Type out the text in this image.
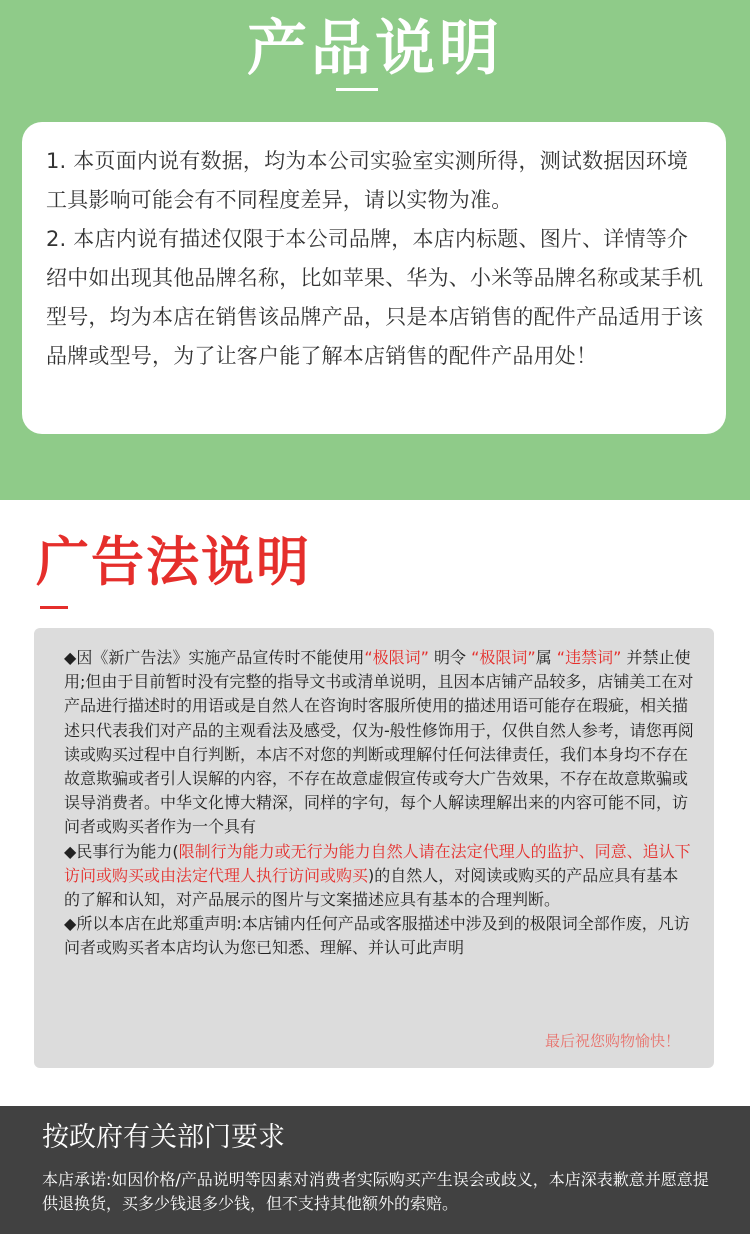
产品说明

1. 本页面内说有数据，均为本公司实验室实测所得，测试数据因环境工具影响可能会有不同程度差异，请以实物为准。

2. 本店内说有描述仅限于本公司品牌，本店内标题、图片、详情等介绍中如出现其他品牌名称，比如苹果、华为、小米等品牌名称或某手机型号，均为本店在销售该品牌产品，只是本店销售的配件产品适用于该品牌或型号，为了让客户能了解本店销售的配件产品用处！

广告法说明

◆因《新广告法》实施产品宣传时不能使用“极限词” 明令 “极限词”属 “违禁词” 并禁止使用;但由于目前暂时没有完整的指导文书或清单说明，且因本店铺产品较多，店铺美工在对产品进行描述时的用语或是自然人在咨询时客服所使用的描述用语可能存在瑕疵，相关描述只代表我们对产品的主观看法及感受，仅为-般性修饰用于，仅供自然人参考，请您再阅读或购买过程中自行判断，本店不对您的判断或理解付任何法律责任，我们本身均不存在故意欺骗或者引人误解的内容，不存在故意虚假宣传或夸大广告效果，不存在故意欺骗或误导消费者。中华文化博大精深，同样的字句，每个人解读理解出来的内容可能不同，访问者或购买者作为一个具有

◆民事行为能力(限制行为能力或无行为能力自然人请在法定代理人的监护、同意、追认下访问或购买或由法定代理人执行访问或购买)的自然人，对阅读或购买的产品应具有基本的了解和认知，对产品展示的图片与文案描述应具有基本的合理判断。

◆所以本店在此郑重声明:本店铺内任何产品或客服描述中涉及到的极限词全部作废，凡访问者或购买者本店均认为您已知悉、理解、并认可此声明

最后祝您购物愉快！
按政府有关部门要求
本店承诺:如因价格/产品说明等因素对消费者实际购买产生误会或歧义，本店深表歉意并愿意提供退换货，买多少钱退多少钱，但不支持其他额外的索赔。
